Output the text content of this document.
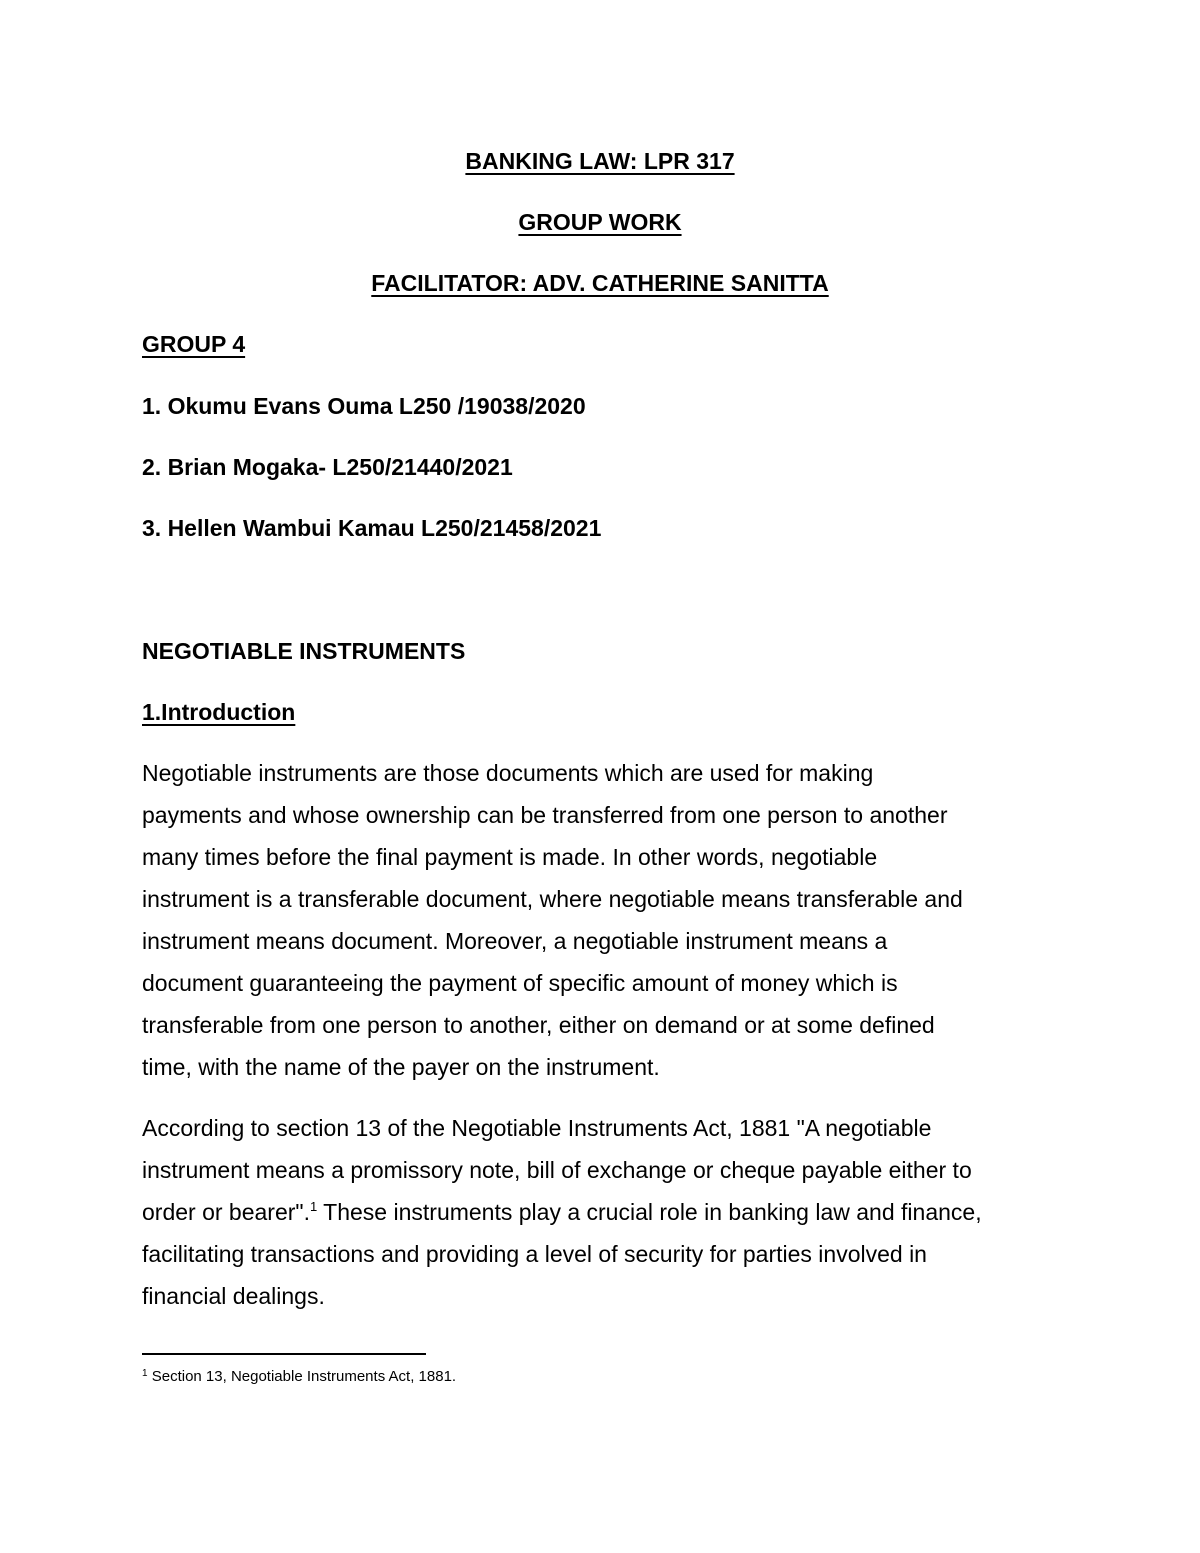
BANKING LAW: LPR 317
GROUP WORK
FACILITATOR: ADV. CATHERINE SANITTA
GROUP 4
1. Okumu Evans Ouma L250 /19038/2020
2. Brian Mogaka- L250/21440/2021
3. Hellen Wambui Kamau L250/21458/2021
NEGOTIABLE INSTRUMENTS
1.Introduction
Negotiable instruments are those documents which are used for making
payments and whose ownership can be transferred from one person to another
many times before the final payment is made. In other words, negotiable
instrument is a transferable document, where negotiable means transferable and
instrument means document. Moreover, a negotiable instrument means a
document guaranteeing the payment of specific amount of money which is
transferable from one person to another, either on demand or at some defined
time, with the name of the payer on the instrument.
According to section 13 of the Negotiable Instruments Act, 1881 "A negotiable
instrument means a promissory note, bill of exchange or cheque payable either to
order or bearer".$^1$ These instruments play a crucial role in banking law and finance,
facilitating transactions and providing a level of security for parties involved in
financial dealings.
$^1$ Section 13, Negotiable Instruments Act, 1881.
